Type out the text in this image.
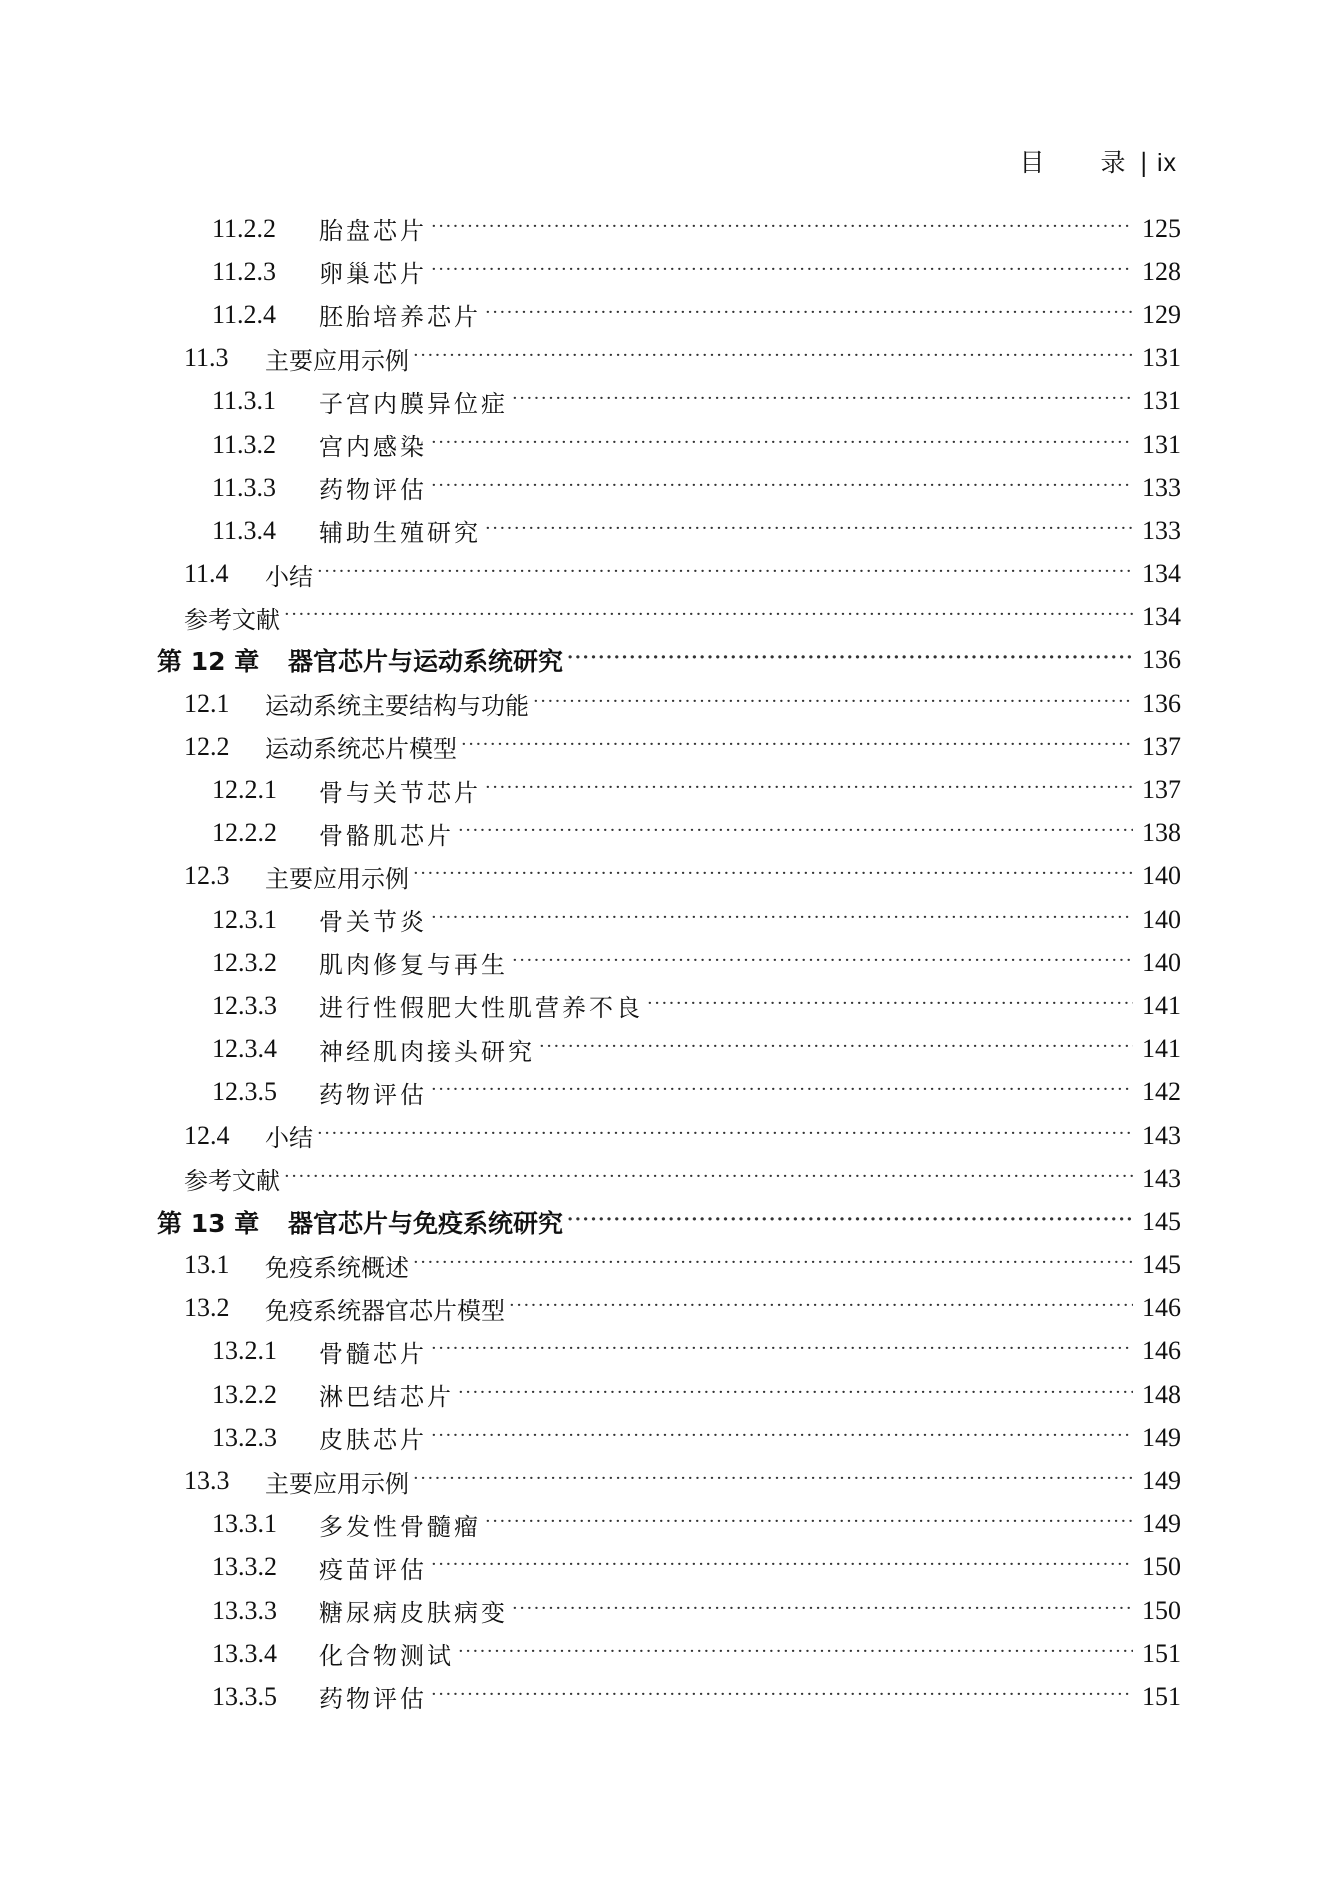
目　　录 | ix
11.2.2	胎盘芯片 ·····	125
11.2.3	卵巢芯片 ·····	128
11.2.4	胚胎培养芯片 ·····	129
11.3	主要应用示例 ·····	131
11.3.1	子宫内膜异位症 ·····	131
11.3.2	宫内感染 ·····	131
11.3.3	药物评估 ·····	133
11.3.4	辅助生殖研究 ·····	133
11.4	小结 ·····	134
参考文献 ·····	134
第 12 章	器官芯片与运动系统研究 ·····	136
12.1	运动系统主要结构与功能 ·····	136
12.2	运动系统芯片模型 ·····	137
12.2.1	骨与关节芯片 ·····	137
12.2.2	骨骼肌芯片 ·····	138
12.3	主要应用示例 ·····	140
12.3.1	骨关节炎 ·····	140
12.3.2	肌肉修复与再生 ·····	140
12.3.3	进行性假肥大性肌营养不良 ·····	141
12.3.4	神经肌肉接头研究 ·····	141
12.3.5	药物评估 ·····	142
12.4	小结 ·····	143
参考文献 ·····	143
第 13 章	器官芯片与免疫系统研究 ·····	145
13.1	免疫系统概述 ·····	145
13.2	免疫系统器官芯片模型 ·····	146
13.2.1	骨髓芯片 ·····	146
13.2.2	淋巴结芯片 ·····	148
13.2.3	皮肤芯片 ·····	149
13.3	主要应用示例 ·····	149
13.3.1	多发性骨髓瘤 ·····	149
13.3.2	疫苗评估 ·····	150
13.3.3	糖尿病皮肤病变 ·····	150
13.3.4	化合物测试 ·····	151
13.3.5	药物评估 ·····	151
